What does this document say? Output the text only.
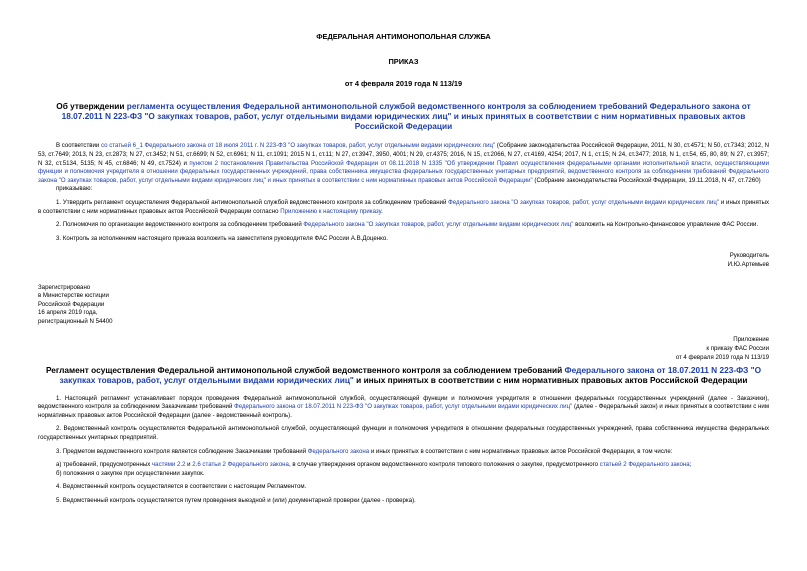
ФЕДЕРАЛЬНАЯ АНТИМОНОПОЛЬНАЯ СЛУЖБА
ПРИКАЗ
от 4 февраля 2019 года N 113/19
Об утверждении регламента осуществления Федеральной антимонопольной службой ведомственного контроля за соблюдением требований Федерального закона от 18.07.2011 N 223-ФЗ "О закупках товаров, работ, услуг отдельными видами юридических лиц" и иных принятых в соответствии с ним нормативных правовых актов Российской Федерации

В соответствии со статьей 6_1 Федерального закона от 18 июля 2011 г. N 223-ФЗ "О закупках товаров, работ, услуг отдельными видами юридических лиц" (Собрание законодательства Российской Федерации, 2011, N 30, ст.4571; N 50, ст.7343; 2012, N 53, ст.7649; 2013, N 23, ст.2873; N 27, ст.3452; N 51, ст.6699; N 52, ст.6961; N 11, ст.1091; 2015 N 1, ст.11; N 27, ст.3947, 3950, 4001; N 29, ст.4375; 2016, N 15, ст.2066, N 27, ст.4169, 4254; 2017, N 1, ст.15; N 24, ст.3477; 2018, N 1, ст.54, 65, 80, 89; N 27, ст.3957; N 32, ст.5134, 5135; N 45, ст.6846; N 49, ст.7524) и пунктом 2 постановления Правительства Российской Федерации от 08.11.2018 N 1335 "Об утверждении Правил осуществления федеральными органами исполнительной власти, осуществляющими функции и полномочия учредителя в отношении федеральных государственных учреждений, права собственника имущества федеральных государственных унитарных предприятий, ведомственного контроля за соблюдением требований Федерального закона "О закупках товаров, работ, услуг отдельными видами юридических лиц" и иных принятых в соответствии с ним нормативных правовых актов Российской Федерации" (Собрание законодательства Российской Федерации, 19.11.2018, N 47, ст.7260)

приказываю:

1. Утвердить регламент осуществления Федеральной антимонопольной службой ведомственного контроля за соблюдением требований Федерального закона "О закупках товаров, работ, услуг отдельными видами юридических лиц" и иных принятых в соответствии с ним нормативных правовых актов Российской Федерации согласно Приложению к настоящему приказу.

2. Полномочия по организации ведомственного контроля за соблюдением требований Федерального закона "О закупках товаров, работ, услуг отдельными видами юридических лиц" возложить на Контрольно-финансовое управление ФАС России.

3. Контроль за исполнением настоящего приказа возложить на заместителя руководителя ФАС России А.В.Доценко.

Руководитель
И.Ю.Артемьев
Зарегистрировано
в Министерстве юстиции
Российской Федерации
16 апреля 2019 года,
регистрационный N 54400
Приложение
к приказу ФАС России
от 4 февраля 2019 года N 113/19
Регламент осуществления Федеральной антимонопольной службой ведомственного контроля за соблюдением требований Федерального закона от 18.07.2011 N 223-ФЗ "О закупках товаров, работ, услуг отдельными видами юридических лиц" и иных принятых в соответствии с ним нормативных правовых актов Российской Федерации

1. Настоящий регламент устанавливает порядок проведения Федеральной антимонопольной службой, осуществляющей функции и полномочия учредителя в отношении федеральных государственных учреждений (далее - Заказчики), ведомственного контроля за соблюдением Заказчиками требований Федерального закона от 18.07.2011 N 223-ФЗ "О закупках товаров, работ, услуг отдельными видами юридических лиц" (далее - Федеральный закон) и иных принятых в соответствии с ним нормативных правовых актов Российской Федерации (далее - ведомственный контроль).

2. Ведомственный контроль осуществляется Федеральной антимонопольной службой, осуществляющей функции и полномочия учредителя в отношении федеральных государственных учреждений, права собственника имущества федеральных государственных унитарных предприятий.

3. Предметом ведомственного контроля является соблюдение Заказчиками требований Федерального закона и иных принятых в соответствии с ним нормативных правовых актов Российской Федерации, в том числе:

а) требований, предусмотренных частями 2.2 и 2.6 статьи 2 Федерального закона, в случае утверждения органом ведомственного контроля типового положения о закупке, предусмотренного статьей 2 Федерального закона;

б) положения о закупке при осуществлении закупок.

4. Ведомственный контроль осуществляется в соответствии с настоящим Регламентом.

5. Ведомственный контроль осуществляется путем проведения выездной и (или) документарной проверки (далее - проверка).
